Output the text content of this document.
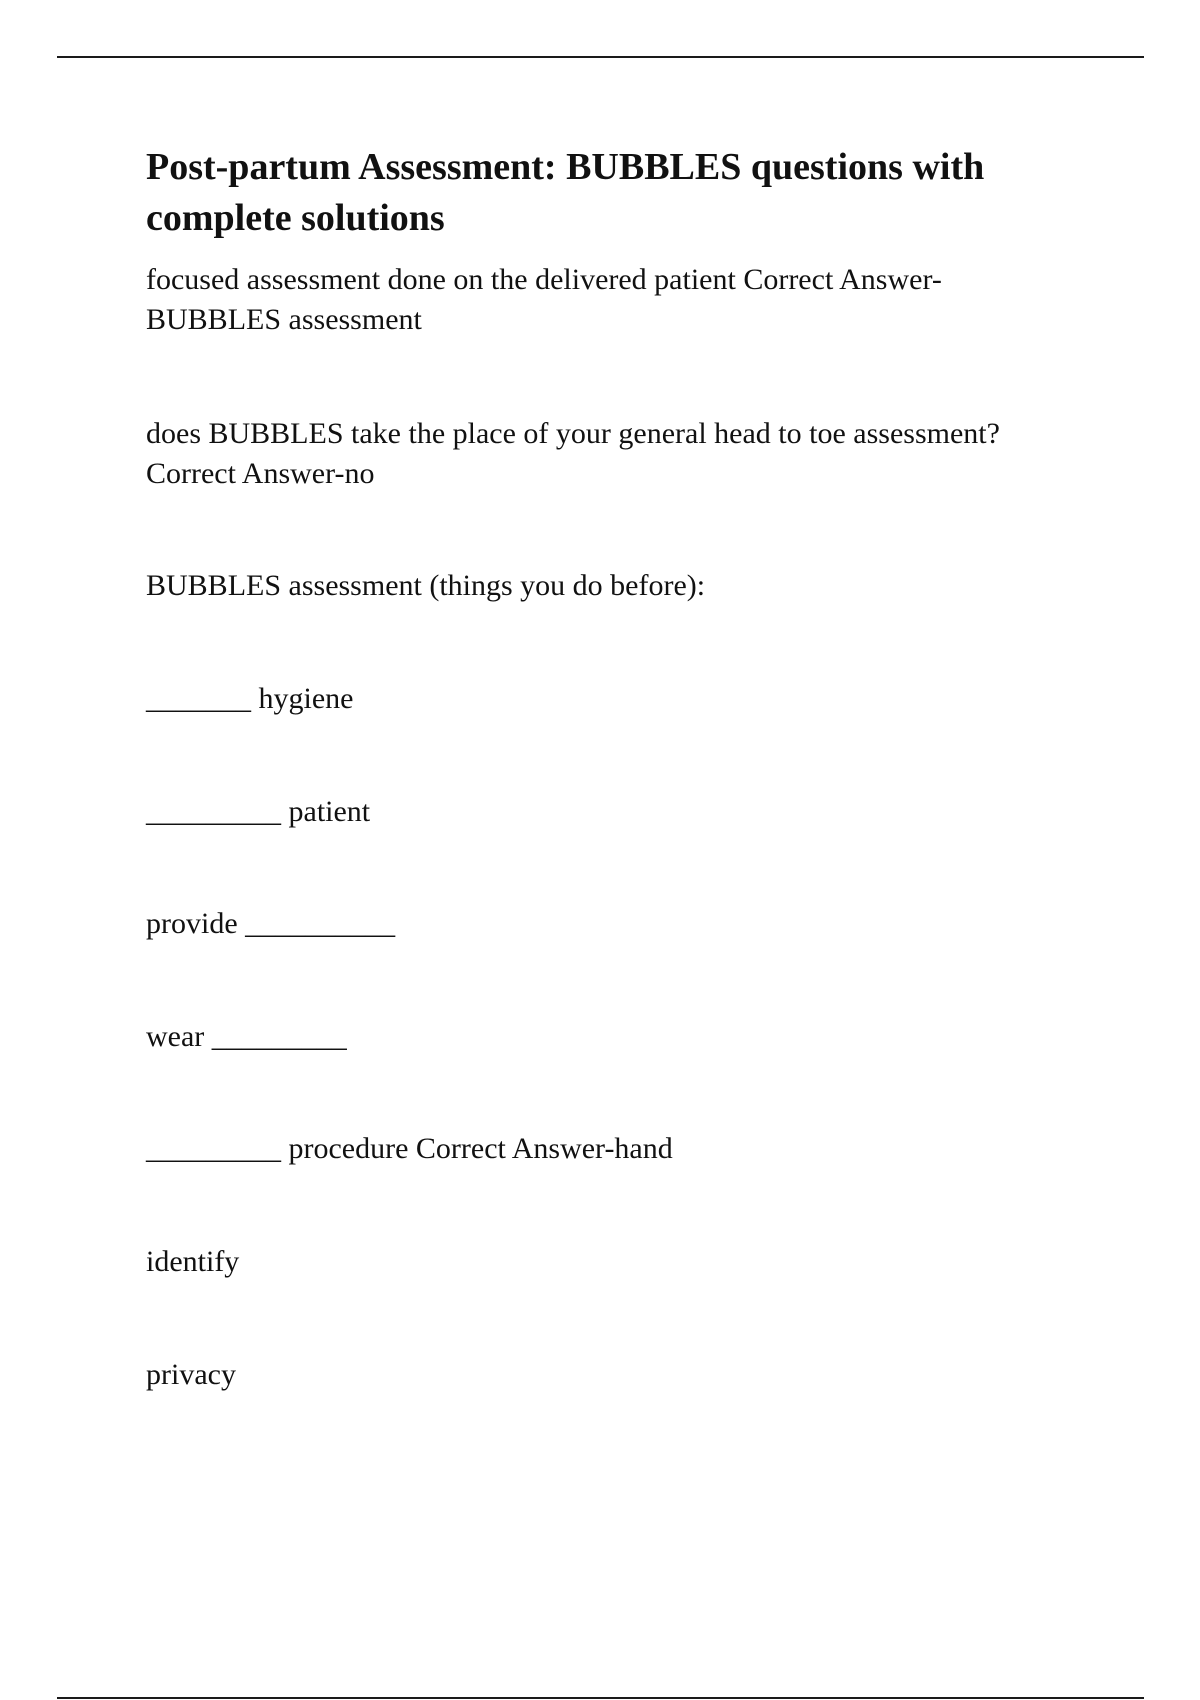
Post-partum Assessment: BUBBLES questions with
complete solutions

focused assessment done on the delivered patient Correct Answer-
BUBBLES assessment

does BUBBLES take the place of your general head to toe assessment?
Correct Answer-no

BUBBLES assessment (things you do before):

_______ hygiene

_________ patient

provide __________

wear _________

_________ procedure Correct Answer-hand

identify

privacy
